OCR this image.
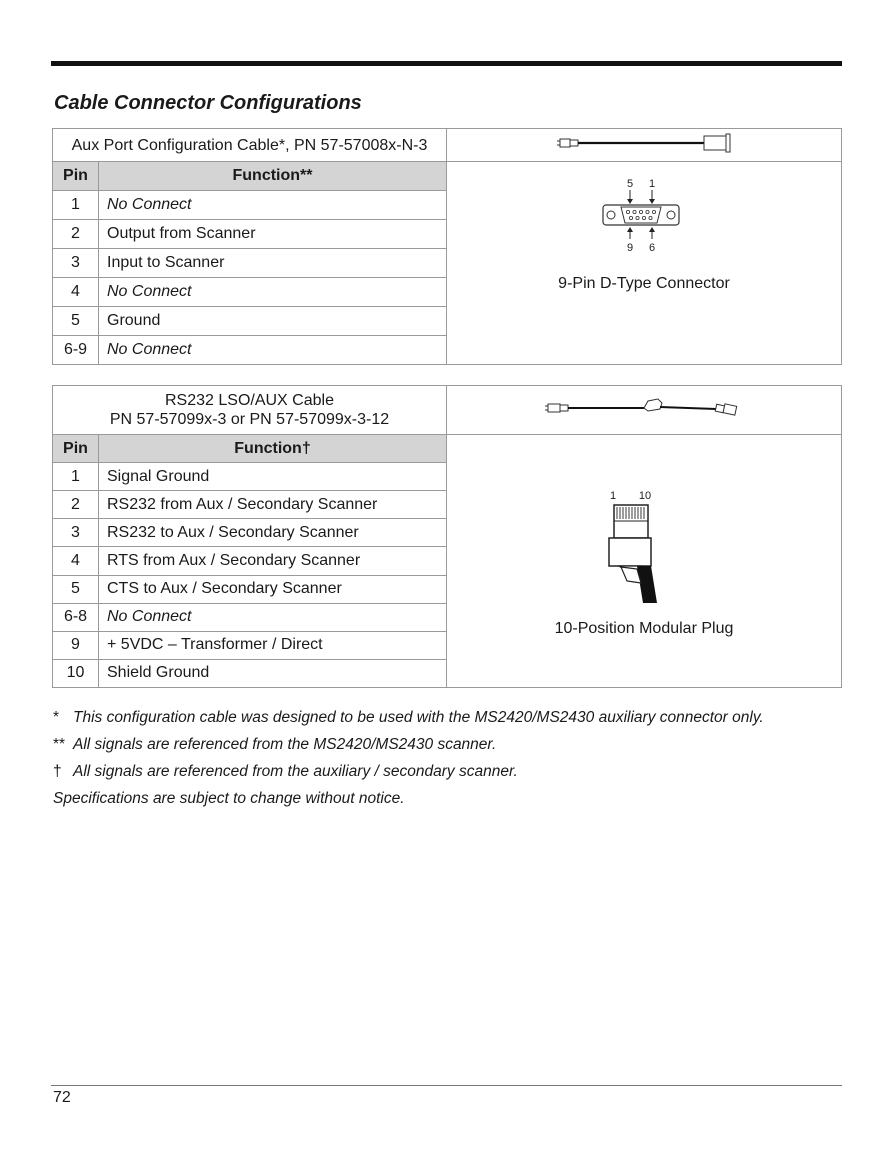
Cable Connector Configurations
Aux Port Configuration Cable*, PN 57-57008x-N-3	
Pin	Function**	5 1
9 6
9-Pin D-Type Connector

1	No Connect	
2	Output from Scanner	
3	Input to Scanner	
4	No Connect	
5	Ground	
6-9	No Connect	
RS232 LSO/AUX Cable
PN 57-57099x-3 or PN 57-57099x-3-12

Pin	Function†	1 10
10-Position Modular Plug

1	Signal Ground	
2	RS232 from Aux / Secondary Scanner	
3	RS232 to Aux / Secondary Scanner	
4	RTS from Aux / Secondary Scanner	
5	CTS to Aux / Secondary Scanner	
6-8	No Connect	
9	+ 5VDC – Transformer / Direct	
10	Shield Ground	
* This configuration cable was designed to be used with the MS2420/MS2430 auxiliary connector only.
** All signals are referenced from the MS2420/MS2430 scanner.
† All signals are referenced from the auxiliary / secondary scanner.
Specifications are subject to change without notice.
72
